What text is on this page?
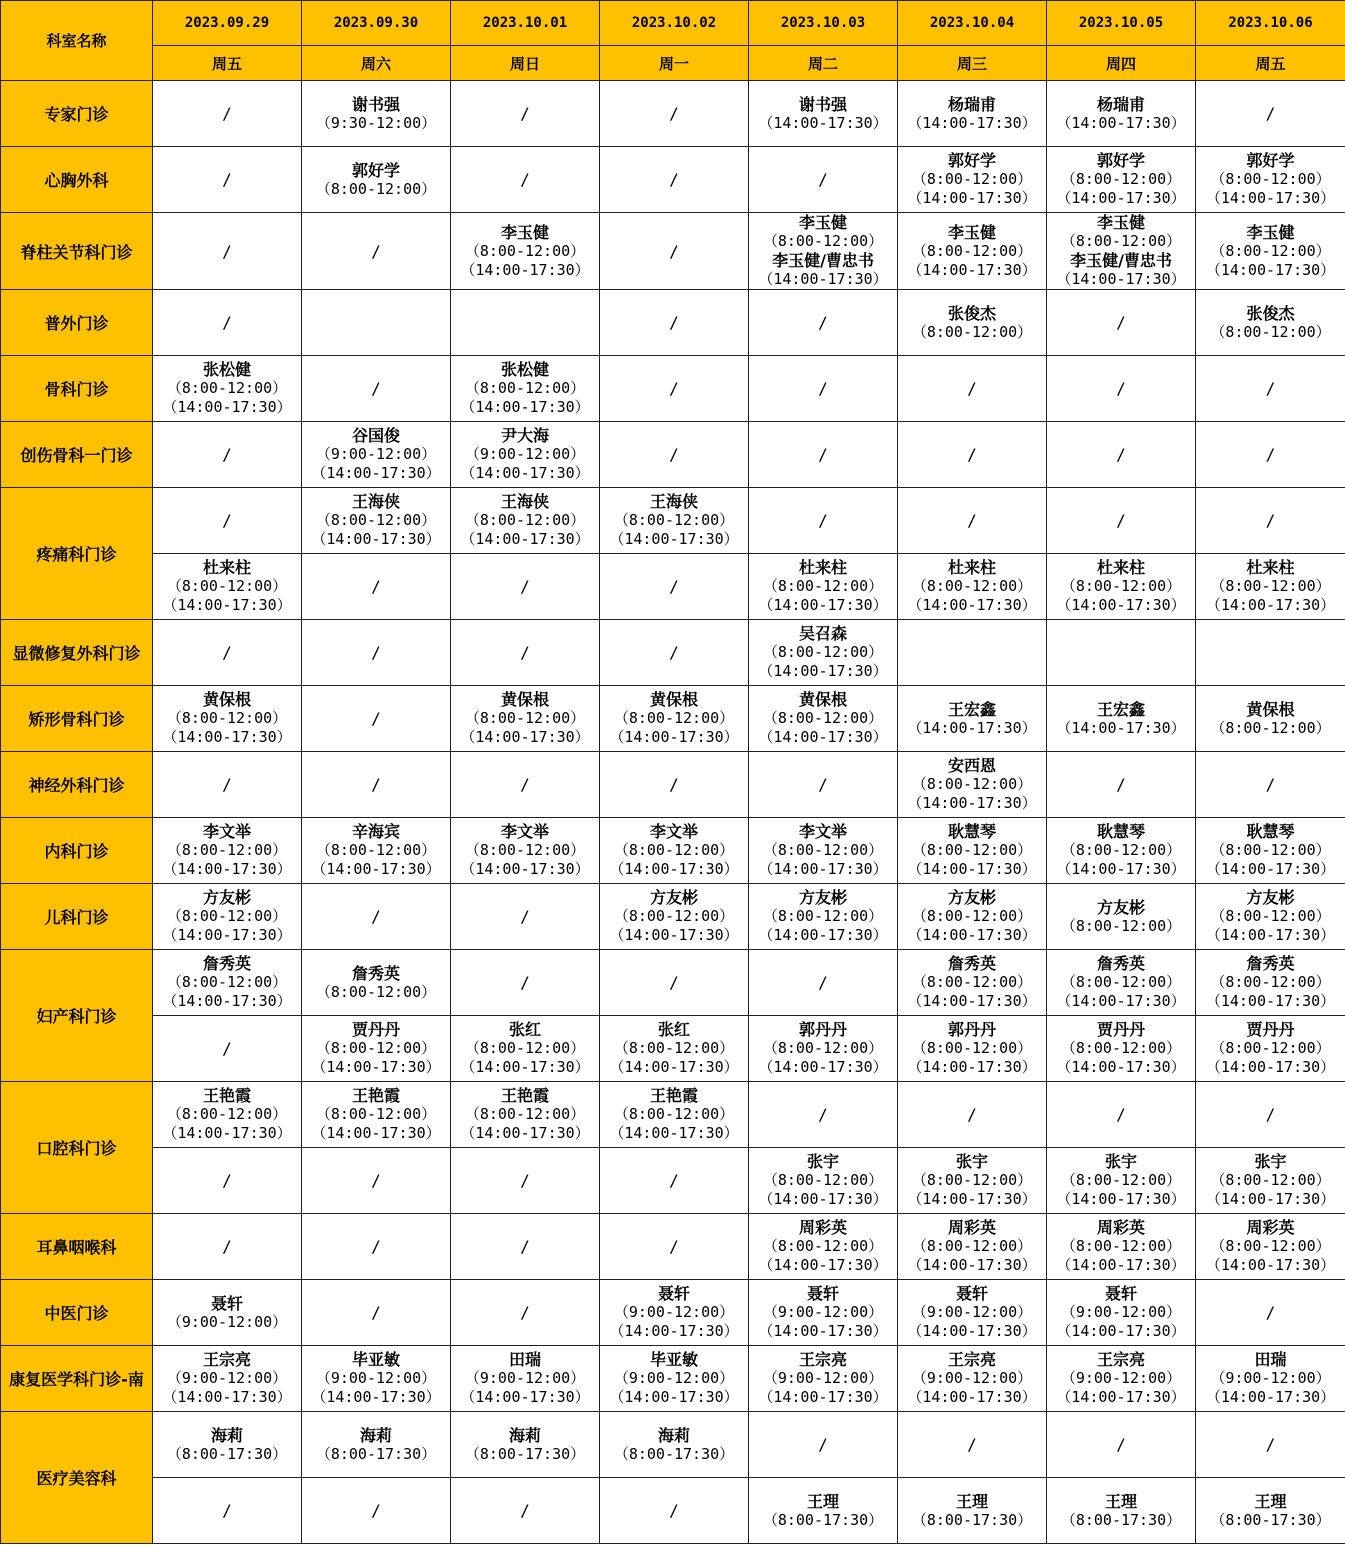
科室名称	2023.09.29	2023.09.30	2023.10.01	2023.10.02	2023.10.03	2023.10.04	2023.10.05	2023.10.06
	周五	周六	周日	周一	周二	周三	周四	周五
专家门诊	/	谢书强
（9:30-12:00）	/	/	谢书强
（14:00-17:30）	杨瑞甫
（14:00-17:30）	杨瑞甫
（14:00-17:30）	/

心胸外科	/	郭好学
（8:00-12:00）	/	/	/	郭好学
（8:00-12:00）
（14:00-17:30）	郭好学
（8:00-12:00）
（14:00-17:30）	郭好学
（8:00-12:00）
（14:00-17:30）

脊柱关节科门诊	/	/	李玉健
（8:00-12:00）
（14:00-17:30）	/	李玉健
（8:00-12:00）
李玉健/曹忠书
（14:00-17:30）	李玉健
（8:00-12:00）
（14:00-17:30）	李玉健
（8:00-12:00）
李玉健/曹忠书
（14:00-17:30）	李玉健
（8:00-12:00）
（14:00-17:30）

普外门诊	/			/	/	张俊杰
（8:00-12:00）	/	张俊杰
（8:00-12:00）

骨科门诊	张松健
（8:00-12:00）
（14:00-17:30）	/	张松健
（8:00-12:00）
（14:00-17:30）	/	/	/	/	/

创伤骨科一门诊	/	谷国俊
（9:00-12:00）
（14:00-17:30）	尹大海
（9:00-12:00）
（14:00-17:30）	/	/	/	/	/

疼痛科门诊	/	王海侠
（8:00-12:00）
（14:00-17:30）	王海侠
（8:00-12:00）
（14:00-17:30）	王海侠
（8:00-12:00）
（14:00-17:30）	/	/	/	/

	杜来柱
（8:00-12:00）
（14:00-17:30）	/	/	/	杜来柱
（8:00-12:00）
（14:00-17:30）	杜来柱
（8:00-12:00）
（14:00-17:30）	杜来柱
（8:00-12:00）
（14:00-17:30）	杜来柱
（8:00-12:00）
（14:00-17:30）

显微修复外科门诊	/	/	/	/	吴召森
（8:00-12:00）
（14:00-17:30）			

矫形骨科门诊	黄保根
（8:00-12:00）
（14:00-17:30）	/	黄保根
（8:00-12:00）
（14:00-17:30）	黄保根
（8:00-12:00）
（14:00-17:30）	黄保根
（8:00-12:00）
（14:00-17:30）	王宏鑫
（14:00-17:30）	王宏鑫
（14:00-17:30）	黄保根
（8:00-12:00）

神经外科门诊	/	/	/	/	/	安西恩
（8:00-12:00）
（14:00-17:30）	/	/

内科门诊	李文举
（8:00-12:00）
（14:00-17:30）	辛海宾
（8:00-12:00）
（14:00-17:30）	李文举
（8:00-12:00）
（14:00-17:30）	李文举
（8:00-12:00）
（14:00-17:30）	李文举
（8:00-12:00）
（14:00-17:30）	耿慧琴
（8:00-12:00）
（14:00-17:30）	耿慧琴
（8:00-12:00）
（14:00-17:30）	耿慧琴
（8:00-12:00）
（14:00-17:30）

儿科门诊	方友彬
（8:00-12:00）
（14:00-17:30）	/	/	方友彬
（8:00-12:00）
（14:00-17:30）	方友彬
（8:00-12:00）
（14:00-17:30）	方友彬
（8:00-12:00）
（14:00-17:30）	方友彬
（8:00-12:00）	方友彬
（8:00-12:00）
（14:00-17:30）

妇产科门诊	詹秀英
（8:00-12:00）
（14:00-17:30）	詹秀英
（8:00-12:00）	/	/	/	詹秀英
（8:00-12:00）
（14:00-17:30）	詹秀英
（8:00-12:00）
（14:00-17:30）	詹秀英
（8:00-12:00）
（14:00-17:30）

	/	贾丹丹
（8:00-12:00）
（14:00-17:30）	张红
（8:00-12:00）
（14:00-17:30）	张红
（8:00-12:00）
（14:00-17:30）	郭丹丹
（8:00-12:00）
（14:00-17:30）	郭丹丹
（8:00-12:00）
（14:00-17:30）	贾丹丹
（8:00-12:00）
（14:00-17:30）	贾丹丹
（8:00-12:00）
（14:00-17:30）

口腔科门诊	王艳霞
（8:00-12:00）
（14:00-17:30）	王艳霞
（8:00-12:00）
（14:00-17:30）	王艳霞
（8:00-12:00）
（14:00-17:30）	王艳霞
（8:00-12:00）
（14:00-17:30）	/	/	/	/

	/	/	/	/	张宇
（8:00-12:00）
（14:00-17:30）	张宇
（8:00-12:00）
（14:00-17:30）	张宇
（8:00-12:00）
（14:00-17:30）	张宇
（8:00-12:00）
（14:00-17:30）

耳鼻咽喉科	/	/	/	/	周彩英
（8:00-12:00）
（14:00-17:30）	周彩英
（8:00-12:00）
（14:00-17:30）	周彩英
（8:00-12:00）
（14:00-17:30）	周彩英
（8:00-12:00）
（14:00-17:30）

中医门诊	聂轩
（9:00-12:00）	/	/	聂轩
（9:00-12:00）
（14:00-17:30）	聂轩
（9:00-12:00）
（14:00-17:30）	聂轩
（9:00-12:00）
（14:00-17:30）	聂轩
（9:00-12:00）
（14:00-17:30）	/

康复医学科门诊-南	王宗亮
（9:00-12:00）
（14:00-17:30）	毕亚敏
（9:00-12:00）
（14:00-17:30）	田瑞
（9:00-12:00）
（14:00-17:30）	毕亚敏
（9:00-12:00）
（14:00-17:30）	王宗亮
（9:00-12:00）
（14:00-17:30）	王宗亮
（9:00-12:00）
（14:00-17:30）	王宗亮
（9:00-12:00）
（14:00-17:30）	田瑞
（9:00-12:00）
（14:00-17:30）

医疗美容科	海莉
（8:00-17:30）	海莉
（8:00-17:30）	海莉
（8:00-17:30）	海莉
（8:00-17:30）	/	/	/	/

	/	/	/	/	王理
（8:00-17:30）	王理
（8:00-17:30）	王理
（8:00-17:30）	王理
（8:00-17:30）
